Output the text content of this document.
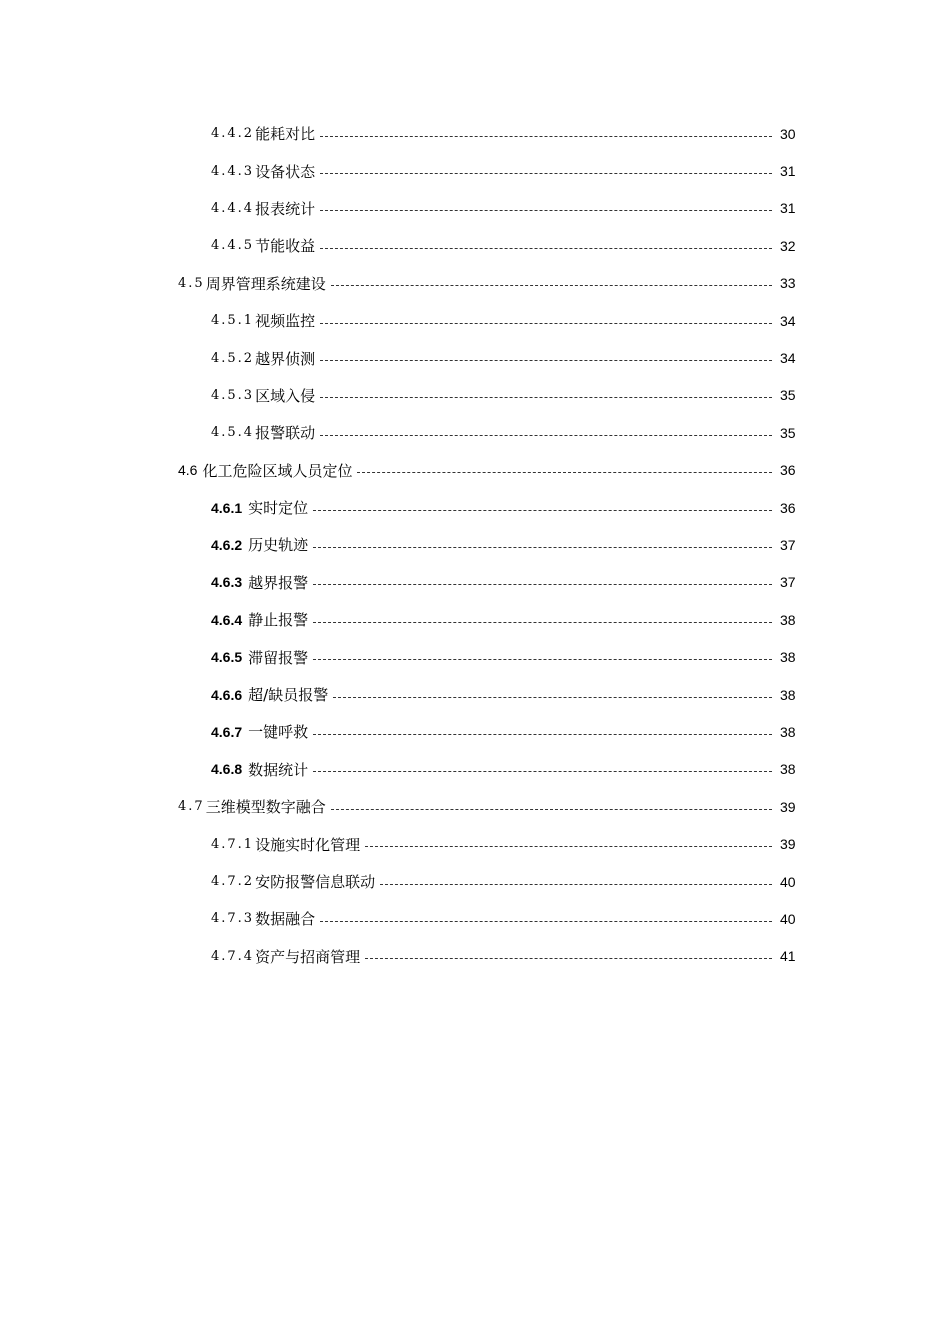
4.4.2 能耗对比	30
4.4.3 设备状态	31
4.4.4 报表统计	31
4.4.5 节能收益	32
4.5 周界管理系统建设	33
4.5.1 视频监控	34
4.5.2 越界侦测	34
4.5.3 区域入侵	35
4.5.4 报警联动	35
4.6 化工危险区域人员定位	36
4.6.1 实时定位	36
4.6.2 历史轨迹	37
4.6.3 越界报警	37
4.6.4 静止报警	38
4.6.5 滞留报警	38
4.6.6 超/缺员报警	38
4.6.7 一键呼救	38
4.6.8 数据统计	38
4.7 三维模型数字融合	39
4.7.1 设施实时化管理	39
4.7.2 安防报警信息联动	40
4.7.3 数据融合	40
4.7.4 资产与招商管理	41
